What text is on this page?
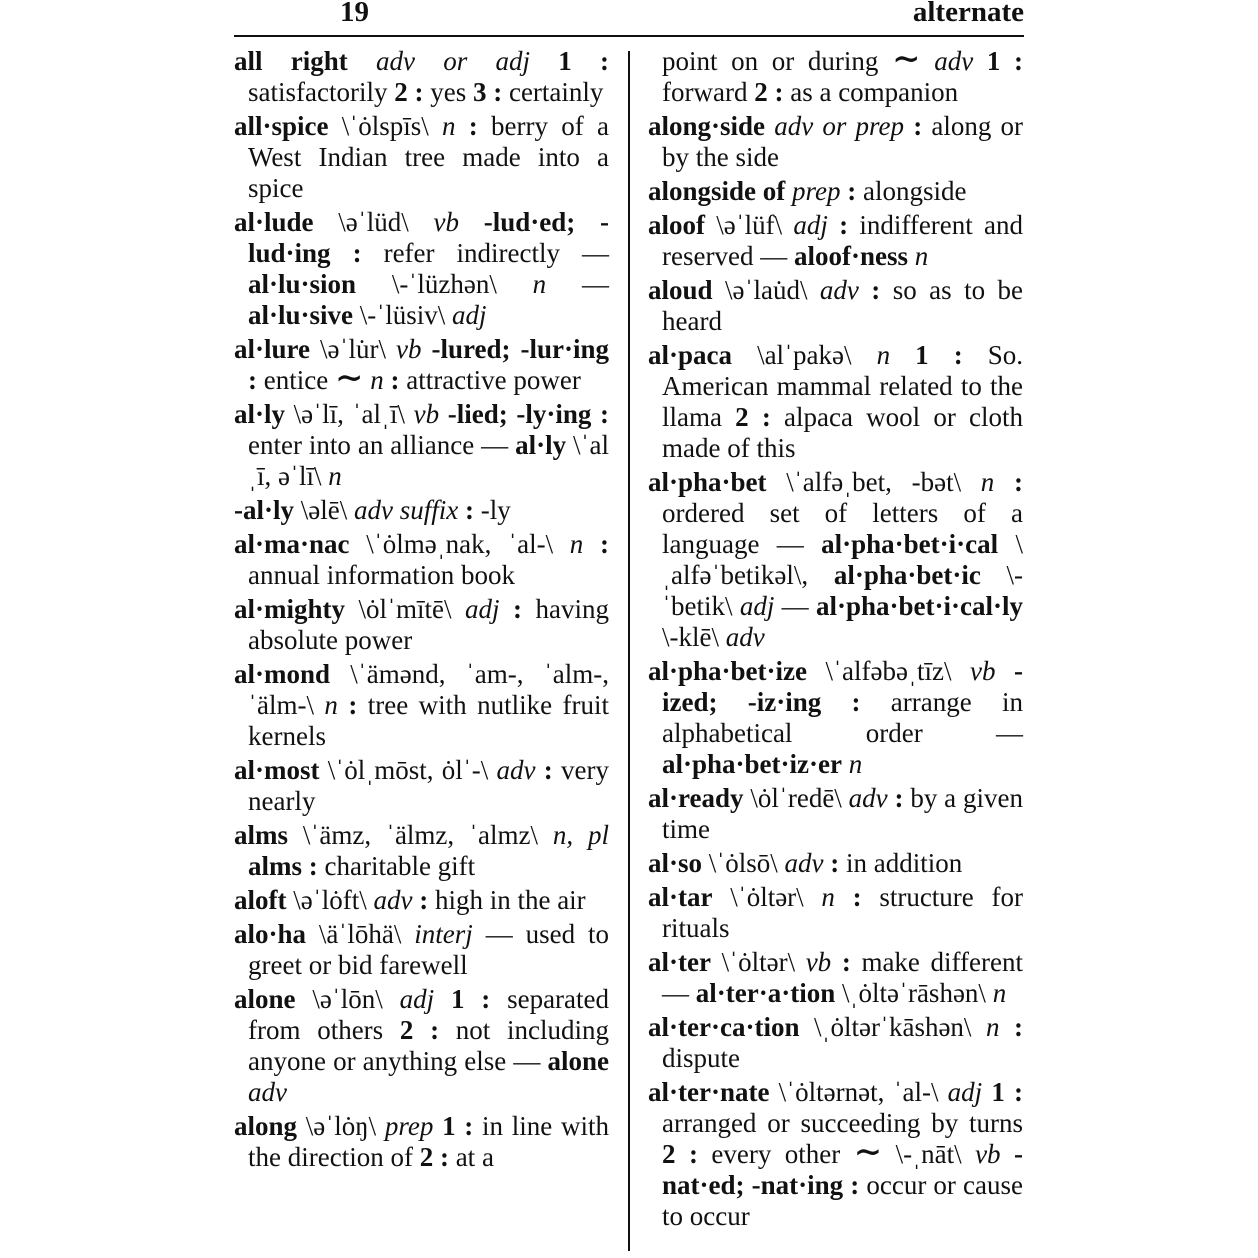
19	alternate
all right adv or adj 1 : satisfactorily 2 : yes 3 : certainly
all·spice \ˈȯlspīs\ n : berry of a West Indian tree made into a spice
al·lude \əˈlüd\ vb -lud·ed; -lud·ing : refer indirectly — al·lu·sion \-ˈlüzhən\ n — al·lu·sive \-ˈlüsiv\ adj
al·lure \əˈlu̇r\ vb -lured; -lur·ing : entice ∼ n : attractive power
al·ly \əˈlī, ˈalˌī\ vb -lied; -ly·ing : enter into an alliance — al·ly \ˈalˌī, əˈlī\ n
-al·ly \əlē\ adv suffix : -ly
al·ma·nac \ˈȯlməˌnak, ˈal-\ n : annual information book
al·mighty \ȯlˈmītē\ adj : having absolute power
al·mond \ˈämənd, ˈam-, ˈalm-, ˈälm-\ n : tree with nutlike fruit kernels
al·most \ˈȯlˌmōst, ȯlˈ-\ adv : very nearly
alms \ˈämz, ˈälmz, ˈalmz\ n, pl alms : charitable gift
aloft \əˈlȯft\ adv : high in the air
alo·ha \äˈlōhä\ interj — used to greet or bid farewell
alone \əˈlōn\ adj 1 : separated from others 2 : not including anyone or anything else — alone adv
along \əˈlȯŋ\ prep 1 : in line with the direction of 2 : at a
point on or during ∼ adv 1 : forward 2 : as a companion
along·side adv or prep : along or by the side
alongside of prep : alongside
aloof \əˈlüf\ adj : indifferent and reserved — aloof·ness n
aloud \əˈlau̇d\ adv : so as to be heard
al·paca \alˈpakə\ n 1 : So. American mammal related to the llama 2 : alpaca wool or cloth made of this
al·pha·bet \ˈalfəˌbet, -bət\ n : ordered set of letters of a language — al·pha·bet·i·cal \ˌalfəˈbetikəl\, al·pha·bet·ic \-ˈbetik\ adj — al·pha·bet·i·cal·ly \-klē\ adv
al·pha·bet·ize \ˈalfəbəˌtīz\ vb -ized; -iz·ing : arrange in alphabetical order — al·pha·bet·iz·er n
al·ready \ȯlˈredē\ adv : by a given time
al·so \ˈȯlsō\ adv : in addition
al·tar \ˈȯltər\ n : structure for rituals
al·ter \ˈȯltər\ vb : make different — al·ter·a·tion \ˌȯltəˈrāshən\ n
al·ter·ca·tion \ˌȯltərˈkāshən\ n : dispute
al·ter·nate \ˈȯltərnət, ˈal-\ adj 1 : arranged or succeeding by turns 2 : every other ∼ \-ˌnāt\ vb -nat·ed; -nat·ing : occur or cause to occur
